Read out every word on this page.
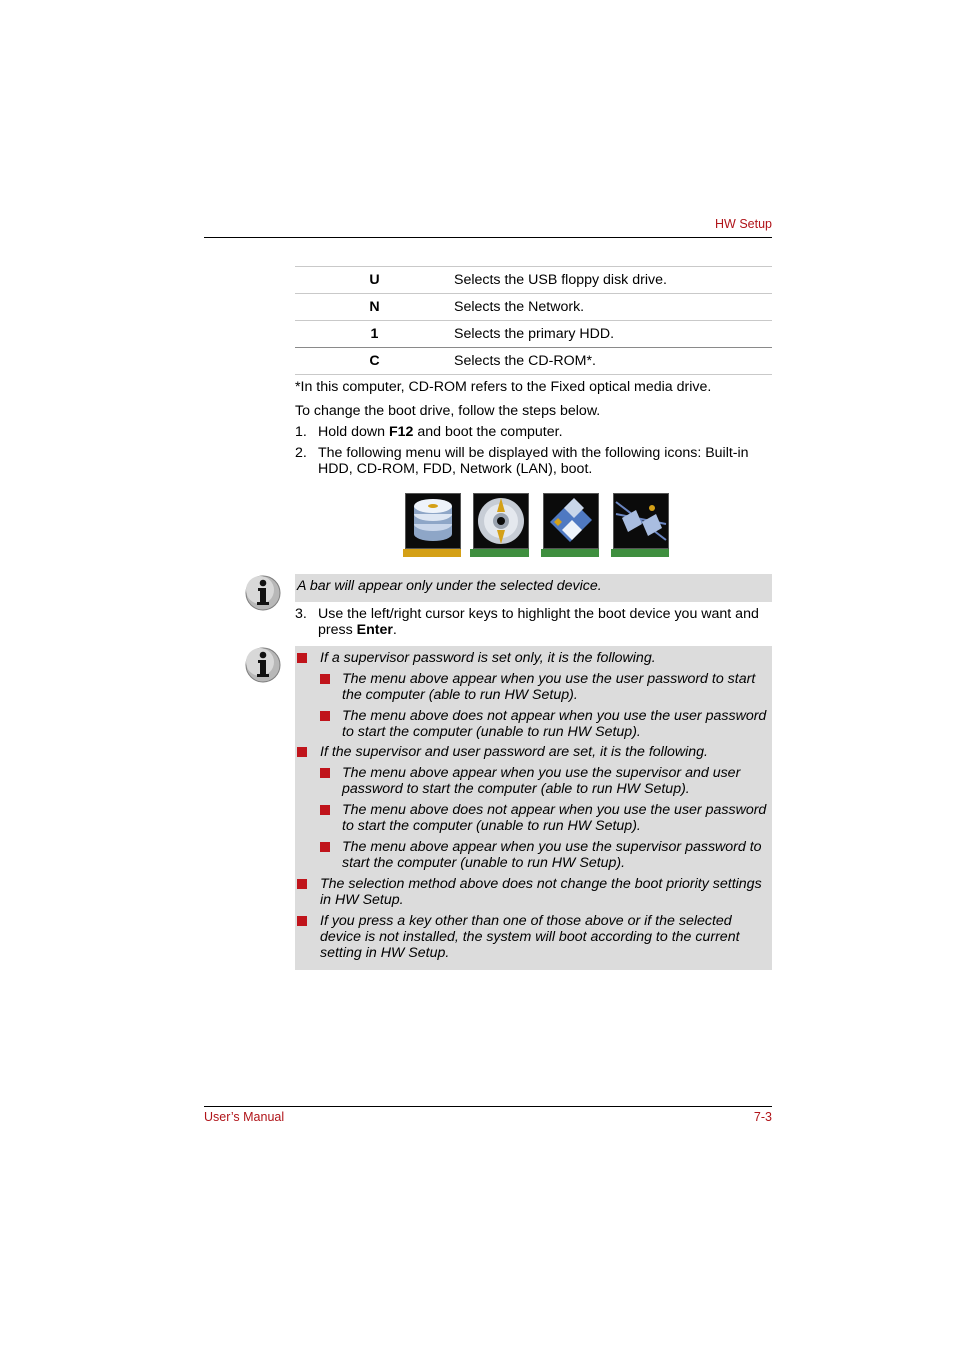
HW Setup
U	Selects the USB floppy disk drive.
N	Selects the Network.
1	Selects the primary HDD.
C	Selects the CD-ROM*.
*In this computer, CD-ROM refers to the Fixed optical media drive.
To change the boot drive, follow the steps below.
1. Hold down F12 and boot the computer.
2. The following menu will be displayed with the following icons: Built-in
HDD, CD-ROM, FDD, Network (LAN), boot.
A bar will appear only under the selected device.
3. Use the left/right cursor keys to highlight the boot device you want and
press Enter.
If a supervisor password is set only, it is the following.
The menu above appear when you use the user password to start
the computer (able to run HW Setup).
The menu above does not appear when you use the user password
to start the computer (unable to run HW Setup).
If the supervisor and user password are set, it is the following.
The menu above appear when you use the supervisor and user
password to start the computer (able to run HW Setup).
The menu above does not appear when you use the user password
to start the computer (unable to run HW Setup).
The menu above appear when you use the supervisor password to
start the computer (unable to run HW Setup).
The selection method above does not change the boot priority settings
in HW Setup.
If you press a key other than one of those above or if the selected
device is not installed, the system will boot according to the current
setting in HW Setup.
User’s Manual	7-3
